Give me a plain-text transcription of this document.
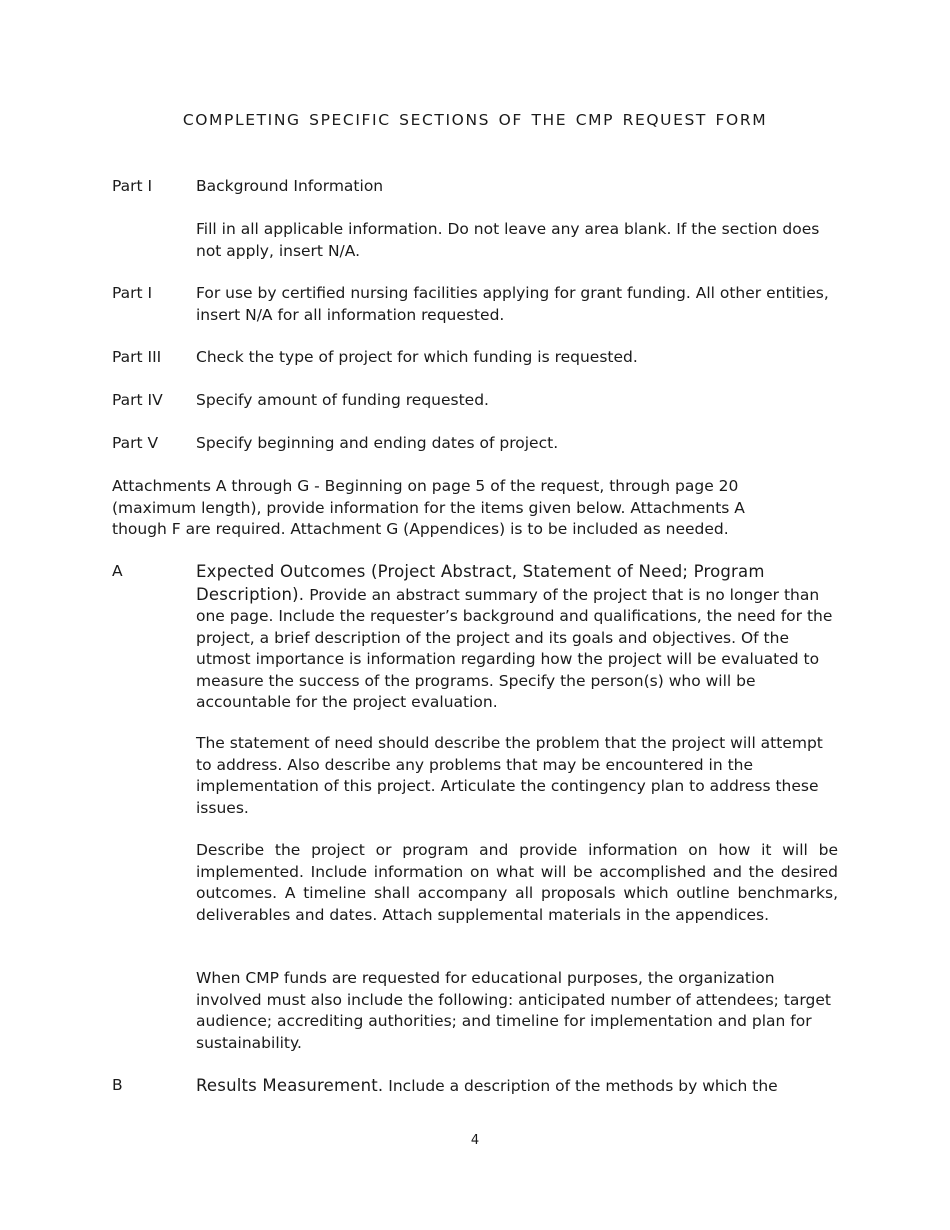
COMPLETING SPECIFIC SECTIONS OF THE CMP REQUEST FORM
Part I	Background Information
Fill in all applicable information. Do not leave any area blank. If the section does not apply, insert N/A.
Part I	For use by certified nursing facilities applying for grant funding. All other entities, insert N/A for all information requested.
Part III	Check the type of project for which funding is requested.
Part IV	Specify amount of funding requested.
Part V	Specify beginning and ending dates of project.
Attachments A through G - Beginning on page 5 of the request, through page 20 (maximum length), provide information for the items given below. Attachments A though F are required. Attachment G (Appendices) is to be included as needed.
A	Expected Outcomes (Project Abstract, Statement of Need; Program Description). Provide an abstract summary of the project that is no longer than one page. Include the requester’s background and qualifications, the need for the project, a brief description of the project and its goals and objectives. Of the utmost importance is information regarding how the project will be evaluated to measure the success of the programs. Specify the person(s) who will be accountable for the project evaluation.
The statement of need should describe the problem that the project will attempt to address. Also describe any problems that may be encountered in the implementation of this project. Articulate the contingency plan to address these issues.
Describe the project or program and provide information on how it will be implemented. Include information on what will be accomplished and the desired outcomes. A timeline shall accompany all proposals which outline benchmarks, deliverables and dates. Attach supplemental materials in the appendices.
When CMP funds are requested for educational purposes, the organization involved must also include the following: anticipated number of attendees; target audience; accrediting authorities; and timeline for implementation and plan for sustainability.
B	Results Measurement. Include a description of the methods by which the
4
